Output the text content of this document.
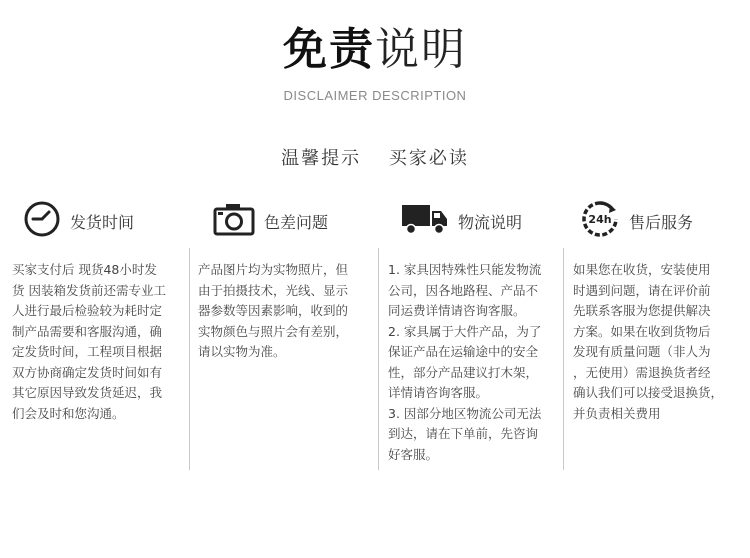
免责说明
DISCLAIMER DESCRIPTION
温馨提示 买家必读
发货时间

买家支付后 现货48小时发

货 因装箱发货前还需专业工

人进行最后检验较为耗时定

制产品需要和客服沟通，确

定发货时间，工程项目根据

双方协商确定发货时间如有

其它原因导致发货延迟，我

们会及时和您沟通。

色差问题

产品图片均为实物照片，但

由于拍摄技术，光线、显示

器参数等因素影响，收到的

实物颜色与照片会有差别，

请以实物为准。

物流说明

1. 家具因特殊性只能发物流

公司，因各地路程、产品不

同运费详情请咨询客服。

2. 家具属于大件产品，为了

保证产品在运输途中的安全

性，部分产品建议打木架，

详情请咨询客服。

3. 因部分地区物流公司无法

到达，请在下单前，先咨询

好客服。

24h 售后服务

如果您在收货，安装使用

时遇到问题，请在评价前

先联系客服为您提供解决

方案。如果在收到货物后

发现有质量问题（非人为

，无使用）需退换货者经

确认我们可以接受退换货，

并负责相关费用
